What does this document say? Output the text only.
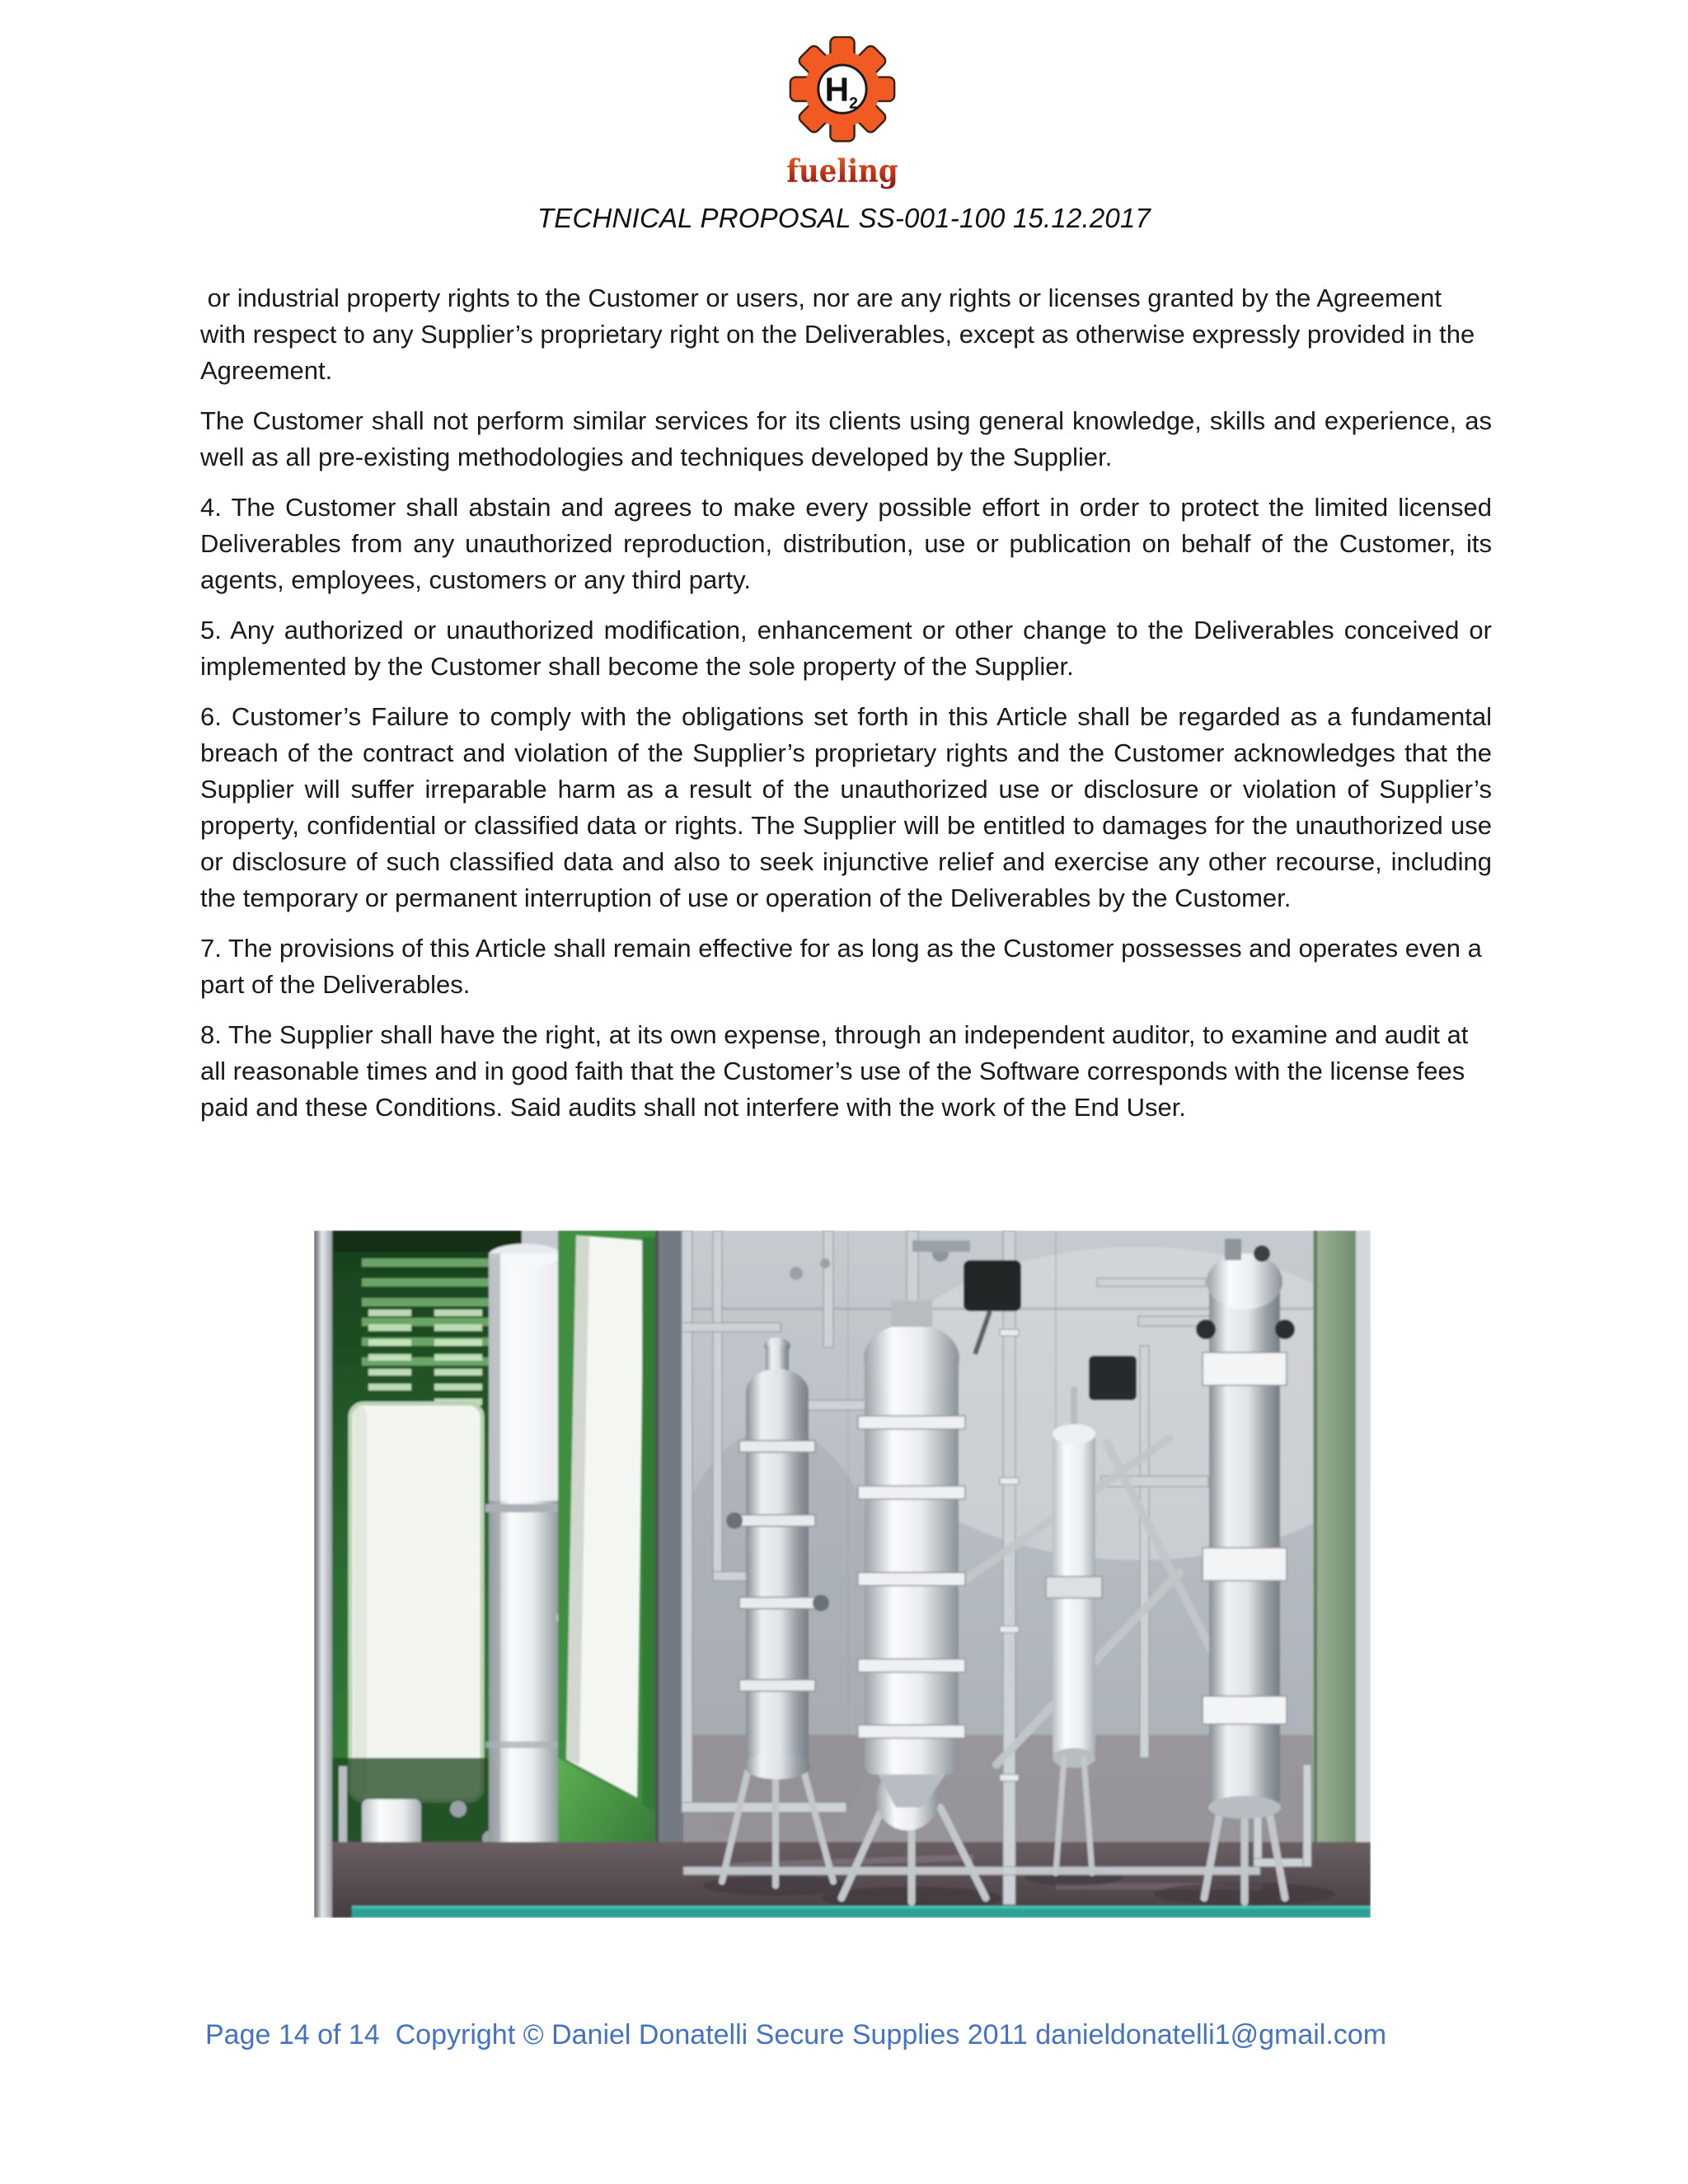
$H_2$
fueling
TECHNICAL PROPOSAL SS-001-100 15.12.2017

or industrial property rights to the Customer or users, nor are any rights or licenses granted by the Agreement with respect to any Supplier’s proprietary right on the Deliverables, except as otherwise expressly provided in the Agreement.

The Customer shall not perform similar services for its clients using general knowledge, skills and experience, as well as all pre-existing methodologies and techniques developed by the Supplier.

4. The Customer shall abstain and agrees to make every possible effort in order to protect the limited licensed Deliverables from any unauthorized reproduction, distribution, use or publication on behalf of the Customer, its agents, employees, customers or any third party.

5. Any authorized or unauthorized modification, enhancement or other change to the Deliverables conceived or implemented by the Customer shall become the sole property of the Supplier.

6. Customer’s Failure to comply with the obligations set forth in this Article shall be regarded as a fundamental breach of the contract and violation of the Supplier’s proprietary rights and the Customer acknowledges that the Supplier will suffer irreparable harm as a result of the unauthorized use or disclosure or violation of Supplier’s property, confidential or classified data or rights. The Supplier will be entitled to damages for the unauthorized use or disclosure of such classified data and also to seek injunctive relief and exercise any other recourse, including the temporary or permanent interruption of use or operation of the Deliverables by the Customer.

7. The provisions of this Article shall remain effective for as long as the Customer possesses and operates even a part of the Deliverables.

8. The Supplier shall have the right, at its own expense, through an independent auditor, to examine and audit at all reasonable times and in good faith that the Customer’s use of the Software corresponds with the license fees paid and these Conditions. Said audits shall not interfere with the work of the End User.

Page 14 of 14  Copyright © Daniel Donatelli Secure Supplies 2011 danieldonatelli1@gmail.com
